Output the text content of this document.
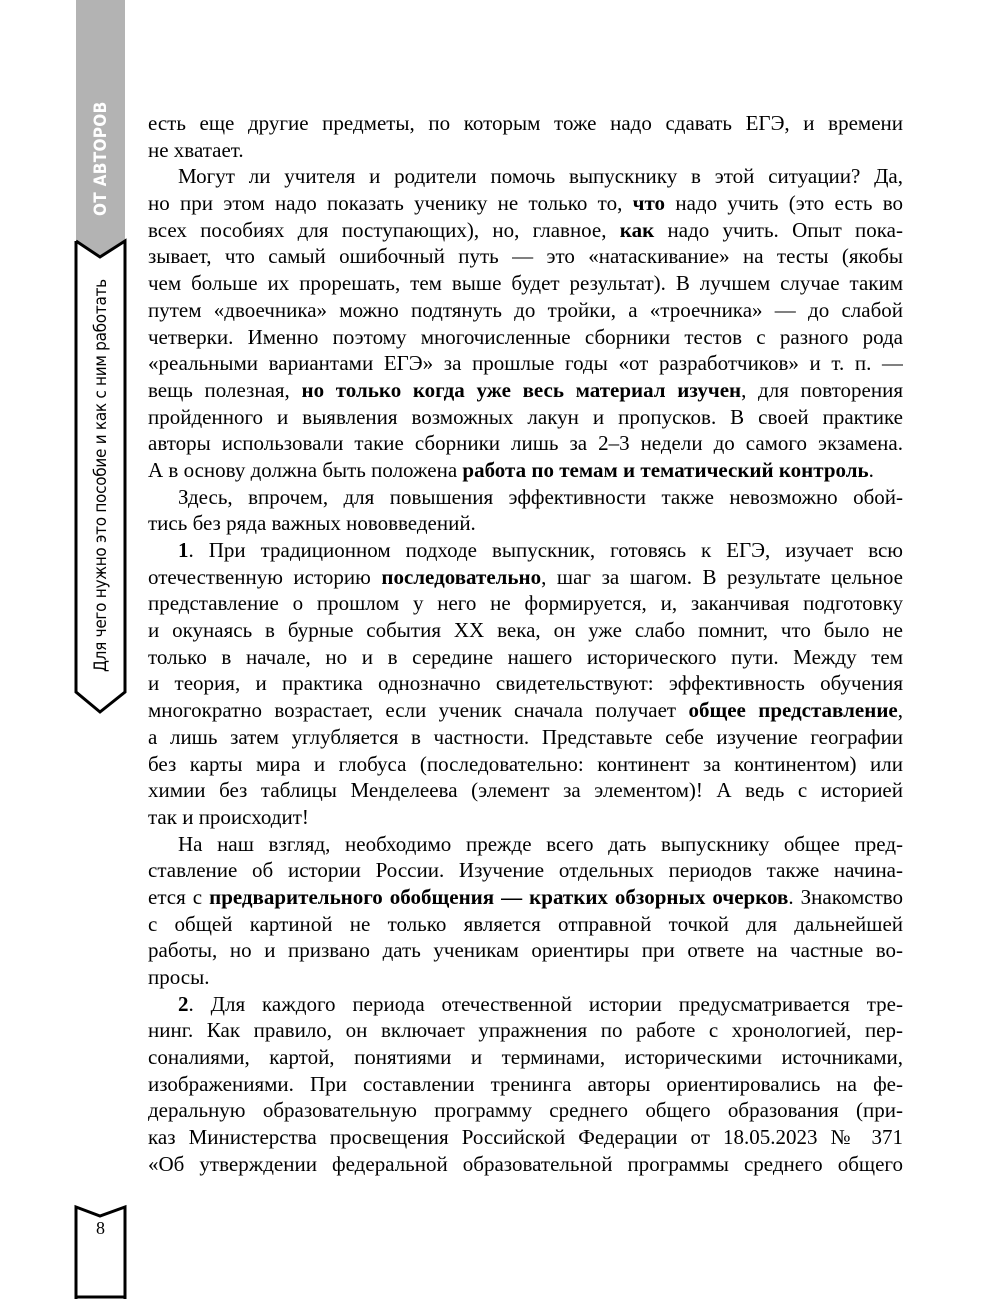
ОТ АВТОРОВ
Для чего нужно это пособие и как с ним работать
8
есть еще другие предметы, по которым тоже надо сдавать ЕГЭ, и времени
не хватает.
Могут ли учителя и родители помочь выпускнику в этой ситуации? Да,
но при этом надо показать ученику не только то, что надо учить (это есть во
всех пособиях для поступающих), но, главное, как надо учить. Опыт пока-
зывает, что самый ошибочный путь — это «натаскивание» на тесты (якобы
чем больше их прорешать, тем выше будет результат). В лучшем случае таким
путем «двоечника» можно подтянуть до тройки, а «троечника» — до слабой
четверки. Именно поэтому многочисленные сборники тестов с разного рода
«реальными вариантами ЕГЭ» за прошлые годы «от разработчиков» и т. п. —
вещь полезная, но только когда уже весь материал изучен, для повторения
пройденного и выявления возможных лакун и пропусков. В своей практике
авторы использовали такие сборники лишь за 2–3 недели до самого экзамена.
А в основу должна быть положена работа по темам и тематический контроль.
Здесь, впрочем, для повышения эффективности также невозможно обой-
тись без ряда важных нововведений.
1. При традиционном подходе выпускник, готовясь к ЕГЭ, изучает всю
отечественную историю последовательно, шаг за шагом. В результате цельное
представление о прошлом у него не формируется, и, заканчивая подготовку
и окунаясь в бурные события XX века, он уже слабо помнит, что было не
только в начале, но и в середине нашего исторического пути. Между тем
и теория, и практика однозначно свидетельствуют: эффективность обучения
многократно возрастает, если ученик сначала получает общее представление,
а лишь затем углубляется в частности. Представьте себе изучение географии
без карты мира и глобуса (последовательно: континент за континентом) или
химии без таблицы Менделеева (элемент за элементом)! А ведь с историей
так и происходит!
На наш взгляд, необходимо прежде всего дать выпускнику общее пред-
ставление об истории России. Изучение отдельных периодов также начина-
ется с предварительного обобщения — кратких обзорных очерков. Знакомство
с общей картиной не только является отправной точкой для дальнейшей
работы, но и призвано дать ученикам ориентиры при ответе на частные во-
просы.
2. Для каждого периода отечественной истории предусматривается тре-
нинг. Как правило, он включает упражнения по работе с хронологией, пер-
соналиями, картой, понятиями и терминами, историческими источниками,
изображениями. При составлении тренинга авторы ориентировались на фе-
деральную образовательную программу среднего общего образования (при-
каз Министерства просвещения Российской Федерации от 18.05.2023 № 371
«Об утверждении федеральной образовательной программы среднего общего
